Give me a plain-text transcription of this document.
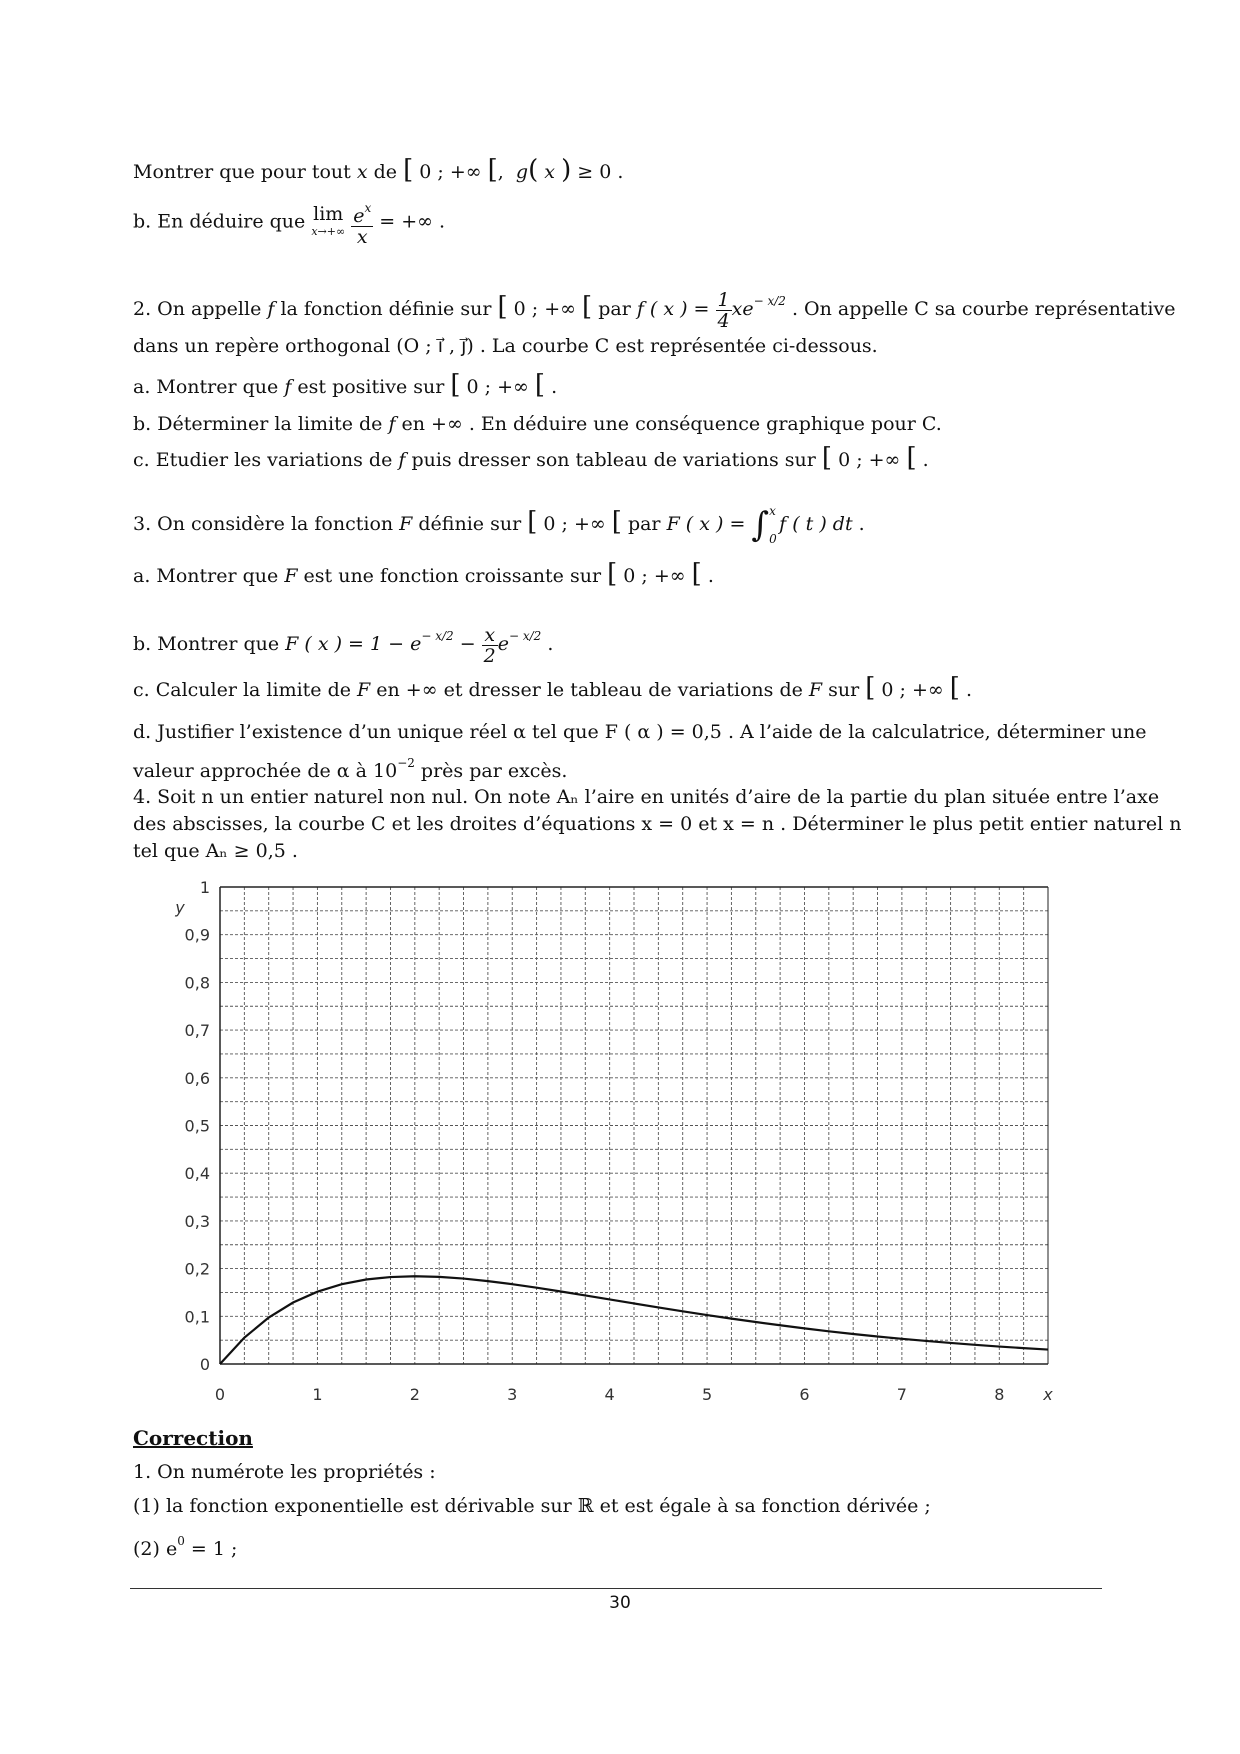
Montrer que pour tout x de [ 0 ; +∞ [,  g( x ) ≥ 0 .
b. En déduire que lim
x→+∞
$\frac{e^x}{x}$ = +∞ .
2. On appelle f la fonction définie sur [ 0 ; +∞ [ par f ( x ) = $\frac{1}{4} xe^{- x/2}$ . On appelle C sa courbe représentative
dans un repère orthogonal (O ; i⃗ , j⃗) . La courbe C est représentée ci-dessous.
a. Montrer que f est positive sur [ 0 ; +∞ [ .
b. Déterminer la limite de f en +∞ . En déduire une conséquence graphique pour C.
c. Etudier les variations de f puis dresser son tableau de variations sur [ 0 ; +∞ [ .
3. On considère la fonction F définie sur [ 0 ; +∞ [ par F ( x ) = ∫ x
0
f ( t ) dt .
a. Montrer que F est une fonction croissante sur [ 0 ; +∞ [ .
b. Montrer que F ( x ) = $1 - e^{- x/2} - \frac{x}{2} e^{- x/2}$ .
c. Calculer la limite de F en +∞ et dresser le tableau de variations de F sur [ 0 ; +∞ [ .
d. Justifier l’existence d’un unique réel α tel que F ( α ) = 0,5 . A l’aide de la calculatrice, déterminer une
valeur approchée de α à $10^{-2}$ près par excès.
4. Soit n un entier naturel non nul. On note Aₙ l’aire en unités d’aire de la partie du plan située entre l’axe
des abscisses, la courbe C et les droites d’équations x = 0 et x = n . Déterminer le plus petit entier naturel n
tel que Aₙ ≥ 0,5 .
0
0,1
0,2
0,3
0,4
0,5
0,6
0,7
0,8
0,9
1
0	1	2	3	4	5	6	7	8 x
y
Correction
1. On numérote les propriétés :
(1) la fonction exponentielle est dérivable sur ℝ et est égale à sa fonction dérivée ;
(2) $e^0 = 1$ ;
30
